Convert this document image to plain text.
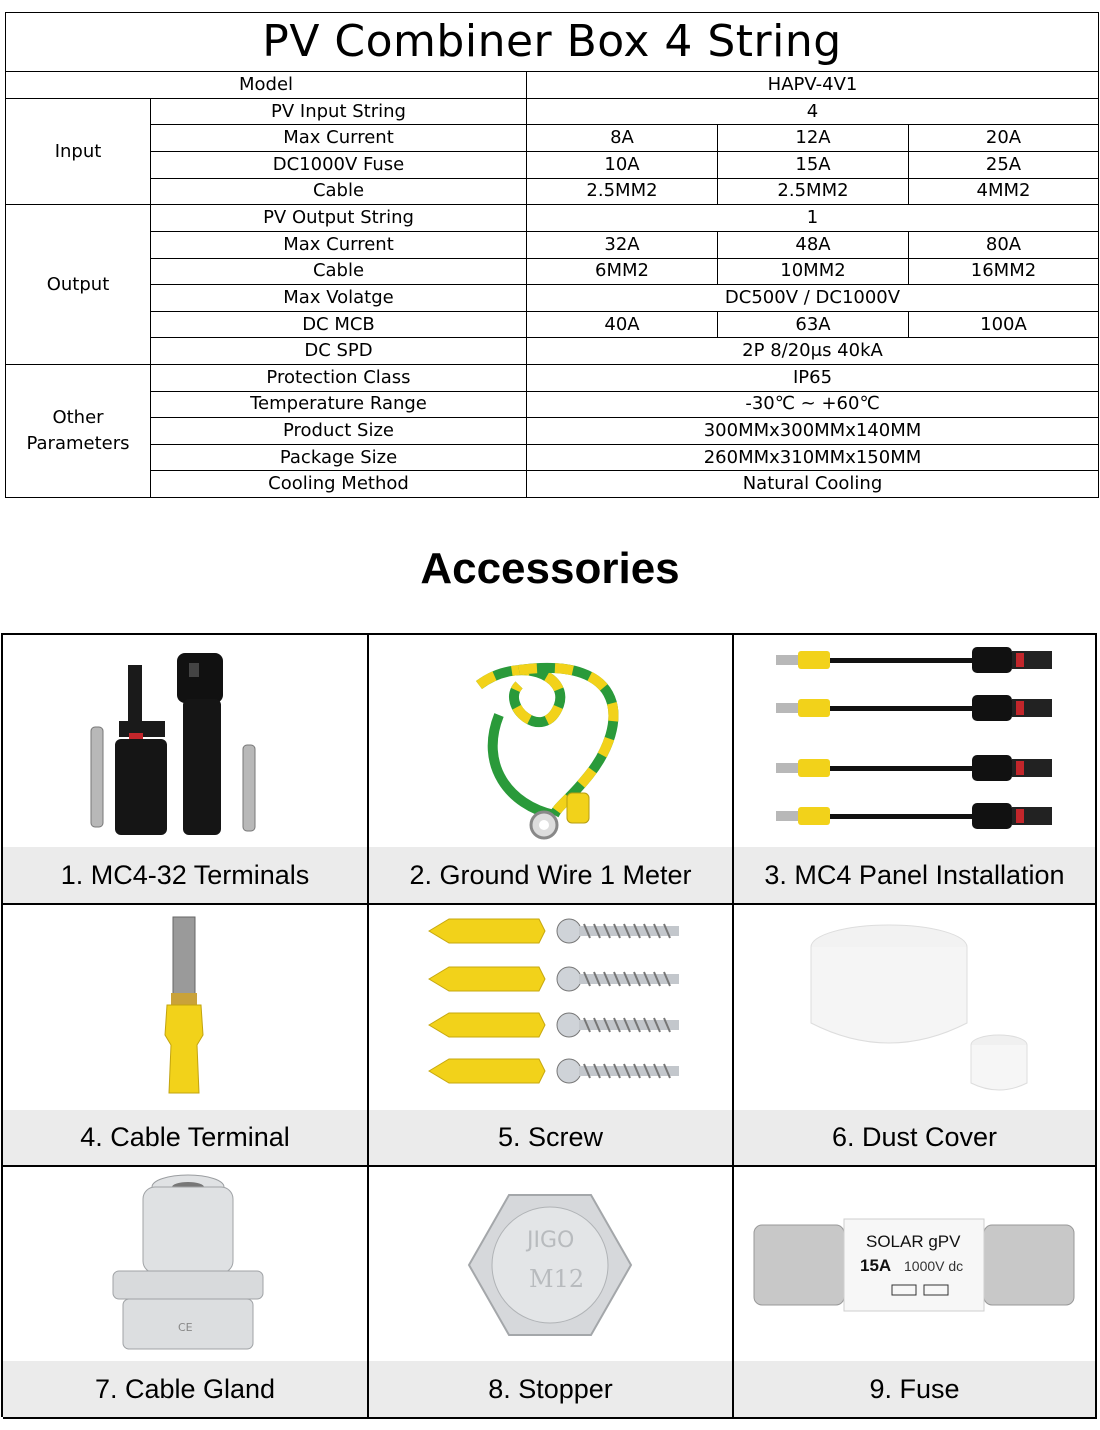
PV Combiner Box 4 String				
Model		HAPV-4V1		
Input	PV Input String	4		
	Max Current	8A	12A	20A
	DC1000V Fuse	10A	15A	25A
	Cable	2.5MM2	2.5MM2	4MM2
Output	PV Output String	1		
	Max Current	32A	48A	80A
	Cable	6MM2	10MM2	16MM2
	Max Volatge	DC500V / DC1000V		
	DC MCB	40A	63A	100A
	DC SPD	2P 8/20μs 40kA		
Other Parameters	Protection Class	IP65		
	Temperature Range	-30℃ ~ +60℃		
	Product Size	300MMx300MMx140MM		
	Package Size	260MMx310MMx150MM		
	Cooling Method	Natural Cooling		
Accessories
1. MC4-32 Terminals	2. Ground Wire 1 Meter	3. MC4 Panel Installation
4. Cable Terminal	5. Screw	6. Dust Cover
CE
7. Cable Gland
JIGO
M12
8. Stopper
SOLAR gPV
15A 1000V dc
9. Fuse
